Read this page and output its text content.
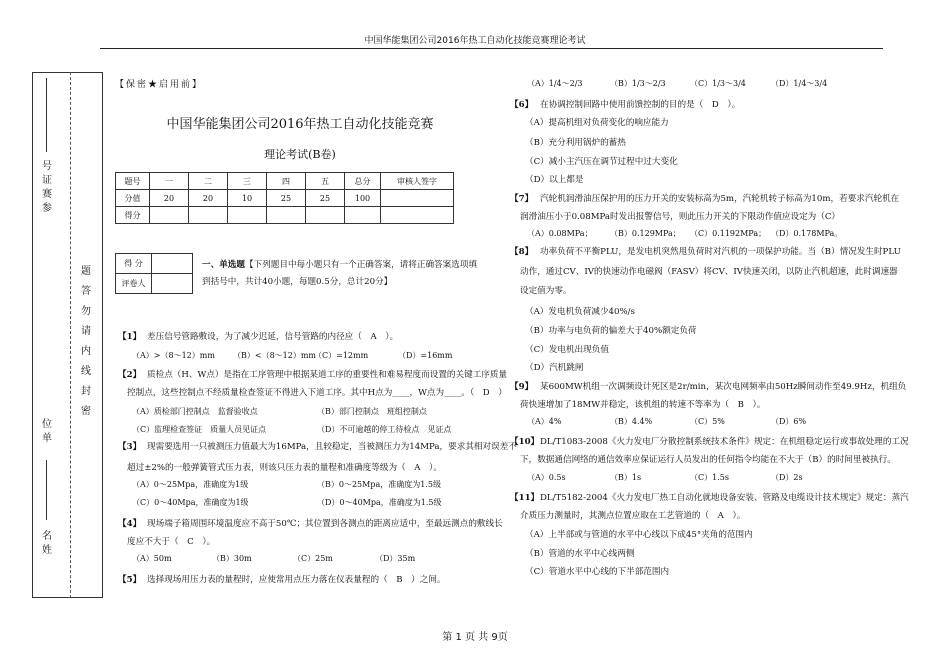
中国华能集团公司2016年热工自动化技能竞赛理论考试
号
证
赛
参
题
答
勿
请
内
线
封
密
位
单
名
姓
【保密★启用前】
中国华能集团公司2016年热工自动化技能竞赛
理论考试(B卷)
题号	一	二	三	四	五	总分	审核人签字
分值	20	20	10	25	25	100	
得分							
得 分
评卷人
一、单选题【下列题目中每小题只有一个正确答案，请将正确答案选项填
到括号中，共计40小题，每题0.5分，总计20分】
【1】 差压信号管路敷设，为了减少迟延，信号管路的内径应（　A　）。
（A）>（8～12）mm （B）<（8～12）mm
（C）=12mm	（D）=16mm
【2】 质检点（H、W点）是指在工序管理中根据某道工序的重要性和难易程度而设置的关键工序质量
控制点，这些控制点不经质量检查签证不得进入下道工序。其中H点为____，W点为____。（　D　）
（A）质检部门控制点　监督验收点	（B）部门控制点　班组控制点
（C）监理检查签证　质量人员见证点	（D）不可逾越的停工待检点　见证点
【3】 现需要选用一只被测压力值最大为16MPa，且较稳定，当被测压力为14MPa，要求其相对误差不
超过±2%的一般弹簧管式压力表，则该只压力表的量程和准确度等级为（　A　）。
（A）0～25Mpa，准确度为1级	（B）0～25Mpa，准确度为1.5级
（C）0～40Mpa，准确度为1级	（D）0～40Mpa，准确度为1.5级
【4】 现场端子箱周围环境温度应不高于50℃；其位置到各测点的距离应适中，至最远测点的敷线长
度应不大于（　C　）。
（A）50m	（B）30m	（C）25m	（D）35m
【5】 选择现场用压力表的量程时，应使常用点压力落在仪表量程的（　B　）之间。
（A）1/4～2/3	（B）1/3～2/3	（C）1/3～3/4	（D）1/4～3/4
【6】 在协调控制回路中使用前馈控制的目的是（　D　）。
（A）提高机组对负荷变化的响应能力
（B）充分利用锅炉的蓄热
（C）减小主汽压在调节过程中过大变化
（D）以上都是
【7】 汽轮机润滑油压保护用的压力开关的安装标高为5m，汽轮机转子标高为10m，若要求汽轮机在
润滑油压小于0.08MPa时发出报警信号，则此压力开关的下限动作值应设定为（C）
（A）0.08MPa； （B）0.129MPa； （C）0.1192MPa； （D）0.178MPa。
【8】 功率负荷不平衡PLU，是发电机突然甩负荷时对汽机的一项保护功能。当（B）情况发生时PLU
动作，通过CV、IV的快速动作电磁阀（FASV）将CV、IV快速关闭，以防止汽机超速，此时调速器
设定值为零。
（A）发电机负荷减少40%/s
（B）功率与电负荷的偏差大于40%额定负荷
（C）发电机出现负值
（D）汽机跳闸
【9】 某600MW机组一次调频设计死区是2r/min，某次电网频率由50Hz瞬间动作至49.9Hz，机组负
荷快速增加了18MW并稳定，该机组的转速不等率为（　B　）。
（A）4%	（B）4.4%	（C）5%	（D）6%
【10】 DL/T1083-2008《火力发电厂分散控制系统技术条件》规定：在机组稳定运行或事故处理的工况
下，数据通信网络的通信效率应保证运行人员发出的任何指令均能在不大于（B）的时间里被执行。
（A）0.5s	（B）1s	（C）1.5s	（D）2s
【11】 DL/T5182-2004《火力发电厂热工自动化就地设备安装、管路及电缆设计技术规定》规定：蒸汽
介质压力测量时，其测点位置应取在工艺管道的（　A　）。
（A）上半部或与管道的水平中心线以下成45°夹角的范围内
（B）管道的水平中心线两侧
（C）管道水平中心线的下半部范围内
第 1 页 共 9页
